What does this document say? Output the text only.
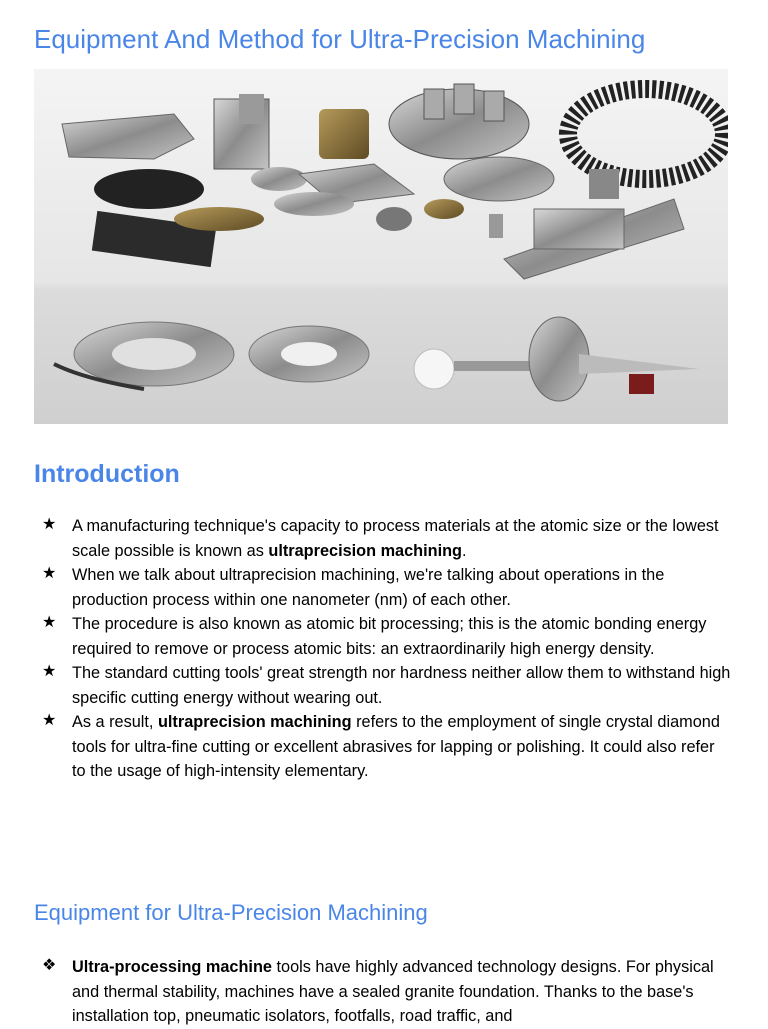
Equipment And Method for Ultra-Precision Machining
Introduction
★ A manufacturing technique's capacity to process materials at the atomic size or the lowest scale possible is known as ultraprecision machining.
★ When we talk about ultraprecision machining, we're talking about operations in the production process within one nanometer (nm) of each other.
★ The procedure is also known as atomic bit processing; this is the atomic bonding energy required to remove or process atomic bits: an extraordinarily high energy density.
★ The standard cutting tools' great strength nor hardness neither allow them to withstand high specific cutting energy without wearing out.
★ As a result, ultraprecision machining refers to the employment of single crystal diamond tools for ultra-fine cutting or excellent abrasives for lapping or polishing. It could also refer to the usage of high-intensity elementary.
Equipment for Ultra-Precision Machining
❖ Ultra-processing machine tools have highly advanced technology designs. For physical and thermal stability, machines have a sealed granite foundation. Thanks to the base's installation top, pneumatic isolators, footfalls, road traffic, and
